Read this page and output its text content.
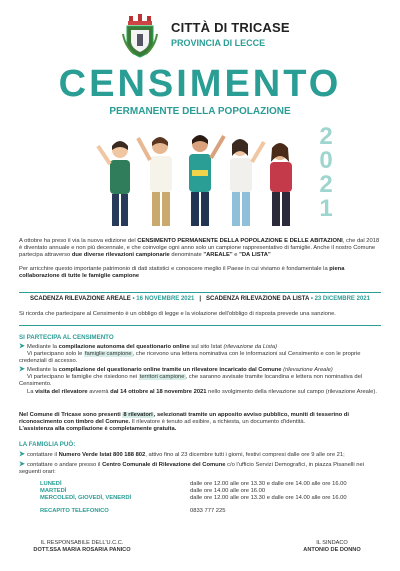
CITTÀ DI TRICASE
PROVINCIA DI LECCE
CENSIMENTO
PERMANENTE DELLA POPOLAZIONE
2
0
2
1
A ottobre ha preso il via la nuova edizione del CENSIMENTO PERMANENTE DELLA POPOLAZIONE E DELLE ABITAZIONI, che dal 2018 è diventato annuale e non più decennale, e che coinvolge ogni anno solo un campione rappresentativo di famiglie. Anche il nostro Comune partecipa attraverso due diverse rilevazioni campionarie denominate "AREALE" e "DA LISTA"
Per arricchire questo importante patrimonio di dati statistici e conoscere meglio il Paese in cui viviamo è fondamentale la piena collaborazione di tutte le famiglie campione
SCADENZA RILEVAZIONE AREALE • 16 NOVEMBRE 2021 | SCADENZA RILEVAZIONE DA LISTA • 23 DICEMBRE 2021
Si ricorda che partecipare al Censimento è un obbligo di legge e la violazione dell'obbligo di risposta prevede una sanzione.
SI PARTECIPA AL CENSIMENTO
➤ Mediante la compilazione autonoma del questionario online sul sito Istat (rilevazione da Lista)
Vi partecipano solo le famiglie campione, che ricevono una lettera nominativa con le informazioni sul Censimento e con le proprie credenziali di accesso.
➤ Mediante la compilazione del questionario online tramite un rilevatore incaricato dal Comune (rilevazione Areale)
Vi partecipano le famiglie che risiedono nei territori campione, che saranno avvisate tramite locandina e lettera non nominativa del Censimento.
La visita del rilevatore avverrà dal 14 ottobre al 18 novembre 2021 nello svolgimento della rilevazione sul campo (rilevazione Areale).
Nel Comune di Tricase sono presenti 8 rilevatori, selezionati tramite un apposito avviso pubblico, muniti di tesserino di riconoscimento con timbro del Comune. Il rilevatore è tenuto ad esibire, a richiesta, un documento d'identità.
L'assistenza alla compilazione è completamente gratuita.
LA FAMIGLIA PUÒ:
➤ contattare il Numero Verde Istat 800 188 802, attivo fino al 23 dicembre tutti i giorni, festivi compresi dalle ore 9 alle ore 21;
➤ contattare o andare presso il Centro Comunale di Rilevazione del Comune c/o l'ufficio Servizi Demografici, in piazza Pisanelli nei seguenti orari:
LUNEDÌ	dalle ore 12.00 alle ore 13.30 e dalle ore 14.00 alle ore 16.00
MARTEDÌ	dalle ore 14.00 alle ore 16.00
MERCOLEDÌ, GIOVEDÌ, VENERDÌ	dalle ore 12.00 alle ore 13.30 e dalle ore 14.00 alle ore 16.00

RECAPITO TELEFONICO	0833 777 225
IL RESPONSABILE DELL'U.C.C.
DOTT.SSA MARIA ROSARIA PANICO
IL SINDACO
ANTONIO DE DONNO
